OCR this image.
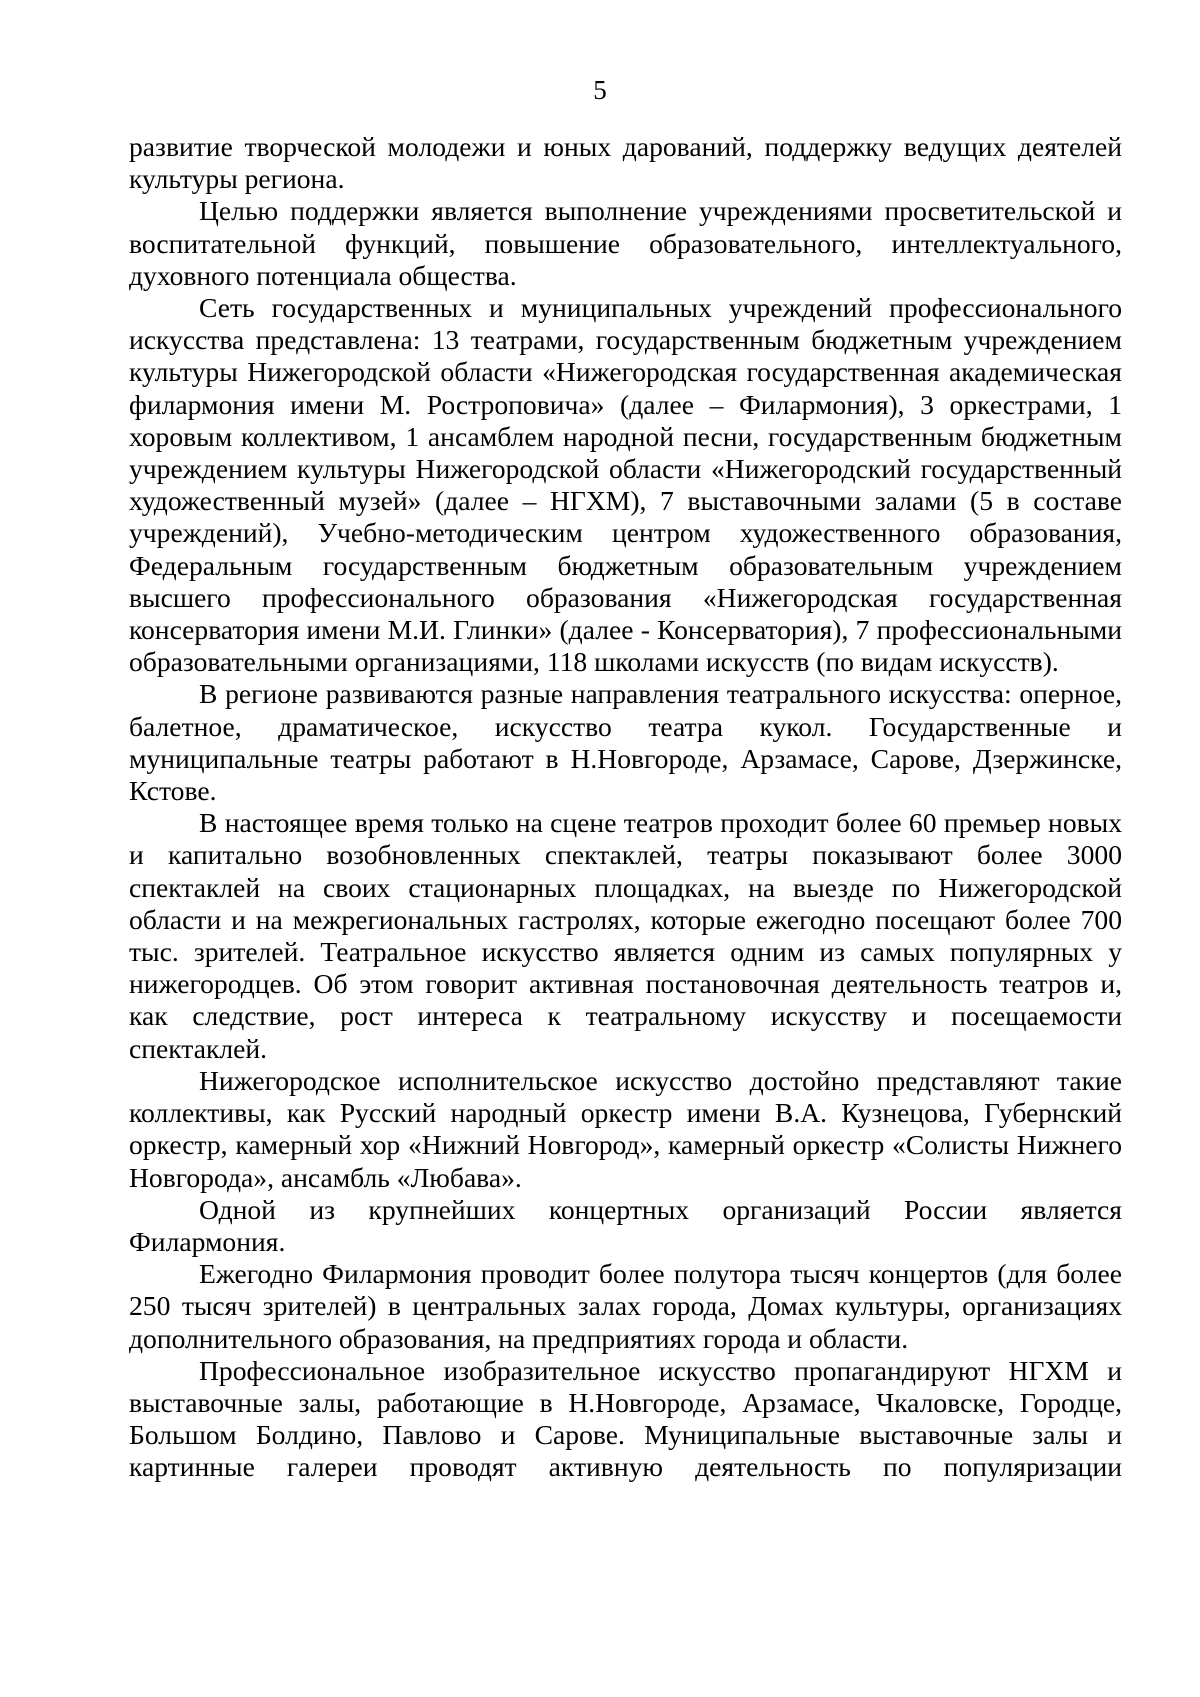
5

развитие творческой молодежи и юных дарований, поддержку ведущих деятелей культуры региона.

Целью поддержки является выполнение учреждениями просветительской и воспитательной функций, повышение образовательного, интеллектуального, духовного потенциала общества.

Сеть государственных и муниципальных учреждений профессионального искусства представлена: 13 театрами, государственным бюджетным учреждением культуры Нижегородской области «Нижегородская государственная академическая филармония имени М. Ростроповича» (далее – Филармония), 3 оркестрами, 1 хоровым коллективом, 1 ансамблем народной песни, государственным бюджетным учреждением культуры Нижегородской области «Нижегородский государственный художественный музей» (далее – НГХМ), 7 выставочными залами (5 в составе учреждений), Учебно-методическим центром художественного образования, Федеральным государственным бюджетным образовательным учреждением высшего профессионального образования «Нижегородская государственная консерватория имени М.И. Глинки» (далее - Консерватория), 7 профессиональными образовательными организациями, 118 школами искусств (по видам искусств).

В регионе развиваются разные направления театрального искусства: оперное, балетное, драматическое, искусство театра кукол. Государственные и муниципальные театры работают в Н.Новгороде, Арзамасе, Сарове, Дзержинске, Кстове.

В настоящее время только на сцене театров проходит более 60 премьер новых и капитально возобновленных спектаклей, театры показывают более 3000 спектаклей на своих стационарных площадках, на выезде по Нижегородской области и на межрегиональных гастролях, которые ежегодно посещают более 700 тыс. зрителей. Театральное искусство является одним из самых популярных у нижегородцев. Об этом говорит активная постановочная деятельность театров и, как следствие, рост интереса к театральному искусству и посещаемости спектаклей.

Нижегородское исполнительское искусство достойно представляют такие коллективы, как Русский народный оркестр имени В.А. Кузнецова, Губернский оркестр, камерный хор «Нижний Новгород», камерный оркестр «Солисты Нижнего Новгорода», ансамбль «Любава».

Одной из крупнейших концертных организаций России является Филармония.

Ежегодно Филармония проводит более полутора тысяч концертов (для более 250 тысяч зрителей) в центральных залах города, Домах культуры, организациях дополнительного образования, на предприятиях города и области.

Профессиональное изобразительное искусство пропагандируют НГХМ и выставочные залы, работающие в Н.Новгороде, Арзамасе, Чкаловске, Городце, Большом Болдино, Павлово и Сарове. Муниципальные выставочные залы и картинные галереи проводят активную деятельность по популяризации
